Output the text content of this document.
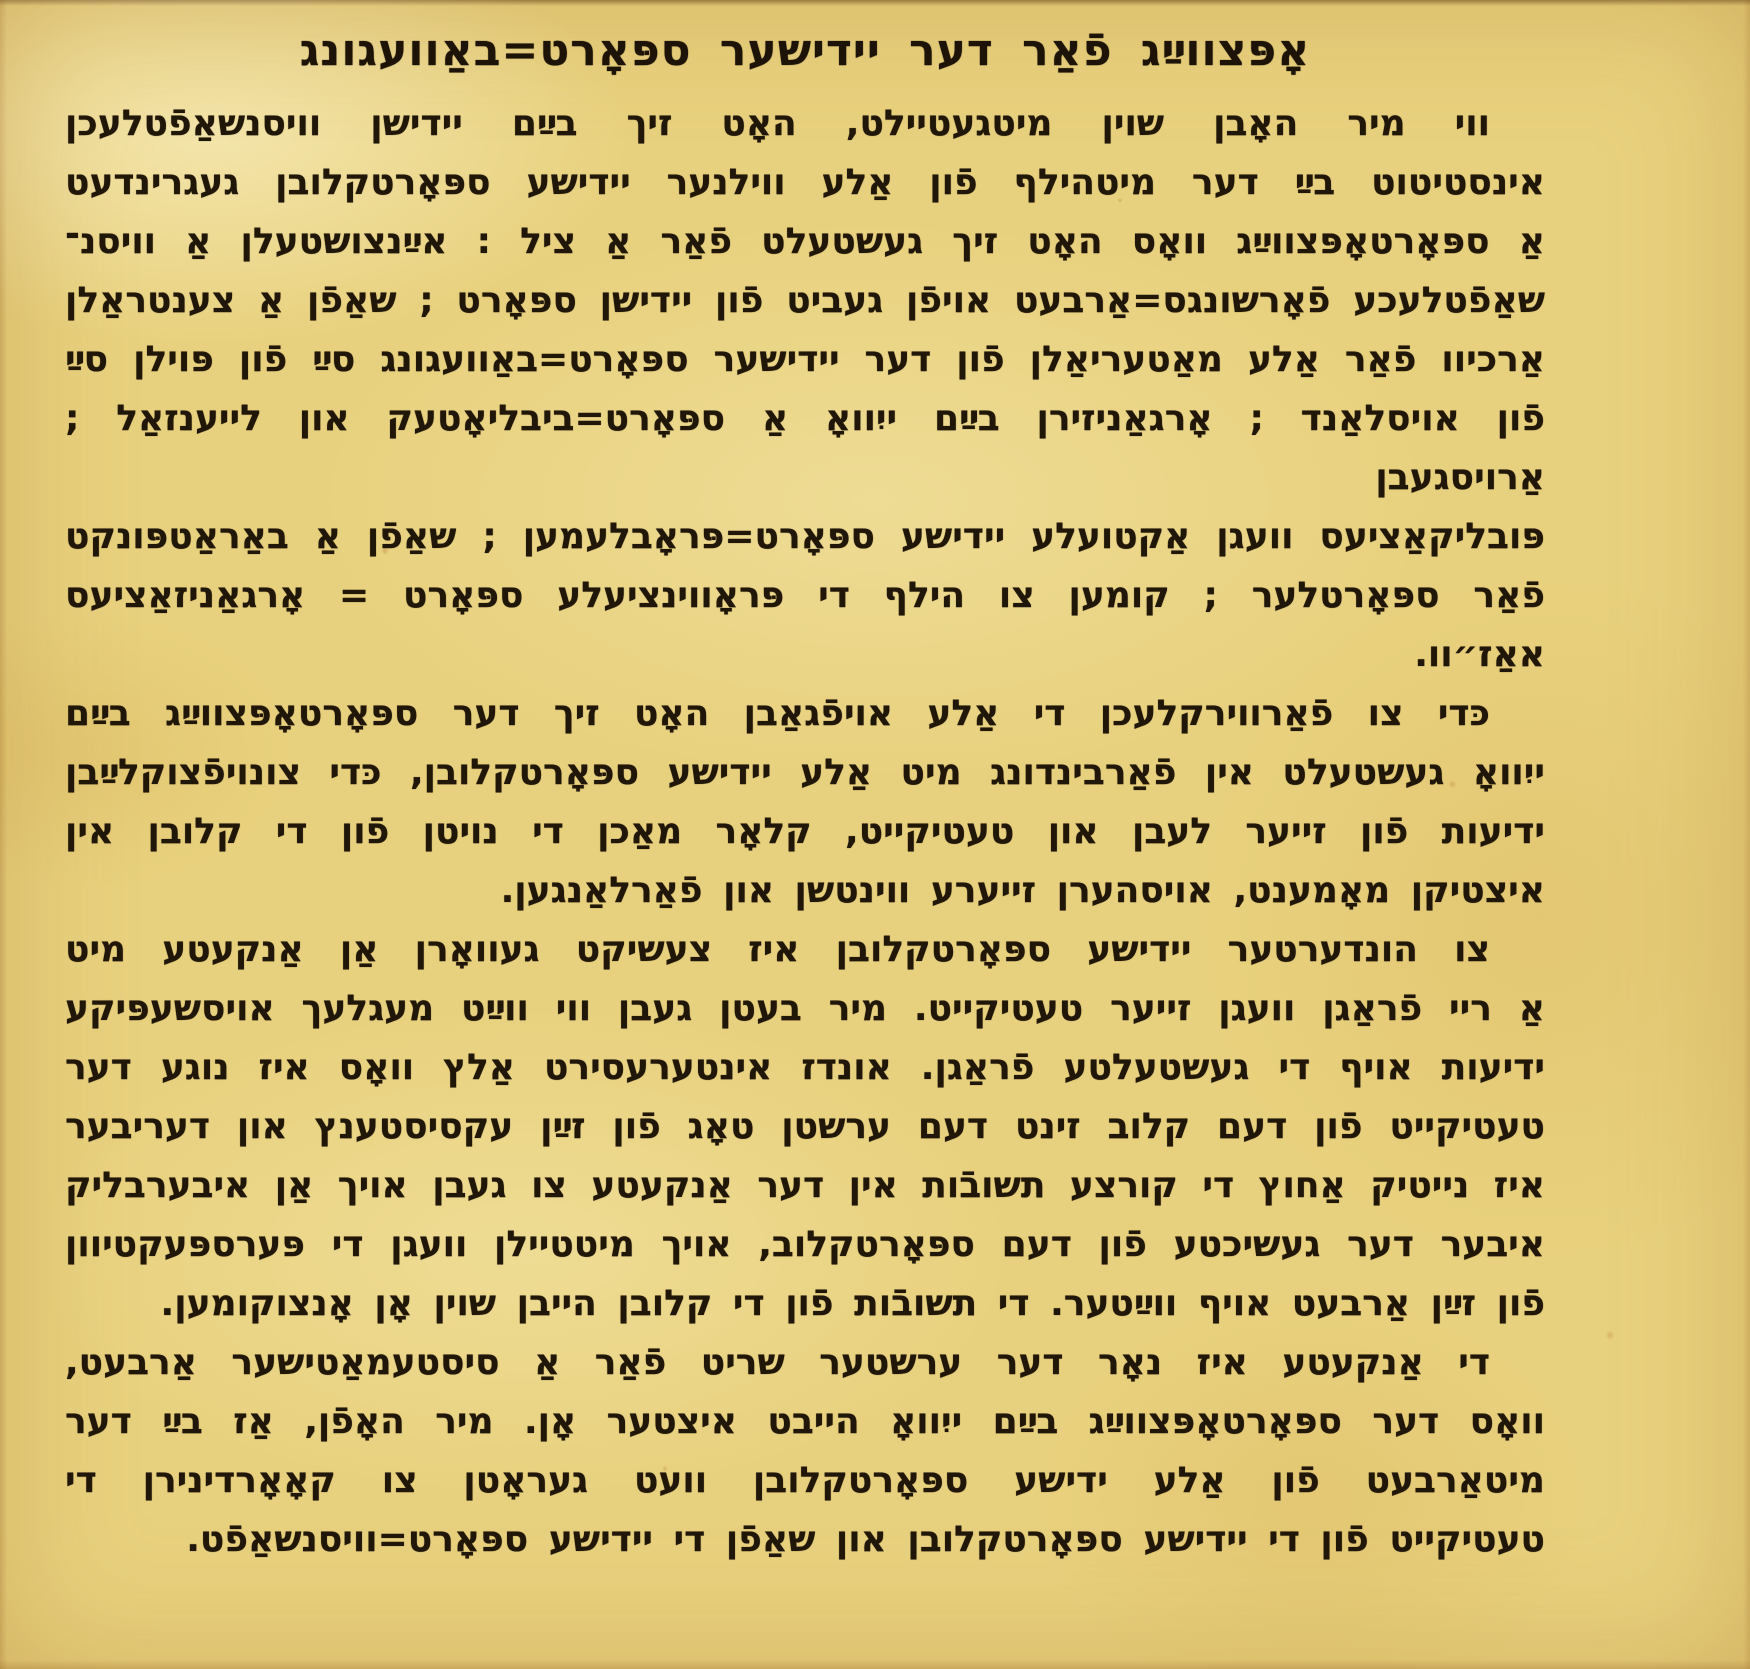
אָפּצווײַג פֿאַר דער יידישער ספּאָרט=באַוועגונג
ווי מיר האָבן שוין מיטגעטיילט, האָט זיך בײַם יידישן וויסנשאַפֿטלעכן
אינסטיטוט בײַ דער מיטהילף פֿון אַלע ווילנער יידישע ספּאָרטקלובן געגרינדעט
אַ ספּאָרטאָפּצווײַג וואָס האָט זיך געשטעלט פֿאַר אַ ציל : אײַנצושטעלן אַ וויסנ־
שאַפֿטלעכע פֿאָרשונגס=אַרבעט אויפֿן געביט פֿון יידישן ספּאָרט ; שאַפֿן אַ צענטראַלן
אַרכיוו פֿאַר אַלע מאַטעריאַלן פֿון דער יידישער ספּאָרט=באַוועגונג סײַ פֿון פּוילן סײַ
פֿון אויסלאַנד ; אָרגאַניזירן בײַם ייִוואָ אַ ספּאָרט=ביבליאָטעק און לייענזאַל ; אַרויסגעבן
פּובליקאַציעס וועגן אַקטועלע יידישע ספּאָרט=פּראָבלעמען ; שאַפֿן אַ באַראַטפּונקט
פֿאַר ספּאָרטלער ; קומען צו הילף די פּראָווינציעלע ספּאָרט = אָרגאַניזאַציעס אאַז״וו.
כּדי צו פֿאַרווירקלעכן די אַלע אויפֿגאַבן האָט זיך דער ספּאָרטאָפּצווײַג בײַם
ייִוואָ געשטעלט אין פֿאַרבינדונג מיט אַלע יידישע ספּאָרטקלובן, כּדי צונויפֿצוקלײַבן
ידיעות פֿון זייער לעבן און טעטיקייט, קלאָר מאַכן די נויטן פֿון די קלובן אין
איצטיקן מאָמענט, אויסהערן זייערע ווינטשן און פֿאַרלאַנגען.
צו הונדערטער יידישע ספּאָרטקלובן איז צעשיקט געוואָרן אַן אַנקעטע מיט
אַ ריי פֿראַגן וועגן זייער טעטיקייט. מיר בעטן געבן ווי ווײַט מעגלעך אויסשעפּיקע
ידיעות אויף די געשטעלטע פֿראַגן. אונדז אינטערעסירט אַלץ וואָס איז נוגע דער
טעטיקייט פֿון דעם קלוב זינט דעם ערשטן טאָג פֿון זײַן עקסיסטענץ און דעריבער
איז נייטיק אַחוץ די קורצע תשובֿות אין דער אַנקעטע צו געבן אויך אַן איבערבליק
איבער דער געשיכטע פֿון דעם ספּאָרטקלוב, אויך מיטטיילן וועגן די פּערספּעקטיוון
פֿון זײַן אַרבעט אויף ווײַטער. די תשובֿות פֿון די קלובן הייבן שוין אָן אָנצוקומען.
די אַנקעטע איז נאָר דער ערשטער שריט פֿאַר אַ סיסטעמאַטישער אַרבעט,
וואָס דער ספּאָרטאָפּצווײַג בײַם ייִוואָ הייבט איצטער אָן. מיר האָפֿן, אַז בײַ דער
מיטאַרבעט פֿון אַלע ידישע ספּאָרטקלובן וועט געראָטן צו קאָאָרדינירן די
טעטיקייט פֿון די יידישע ספּאָרטקלובן און שאַפֿן די יידישע ספּאָרט=וויסנשאַפֿט.
